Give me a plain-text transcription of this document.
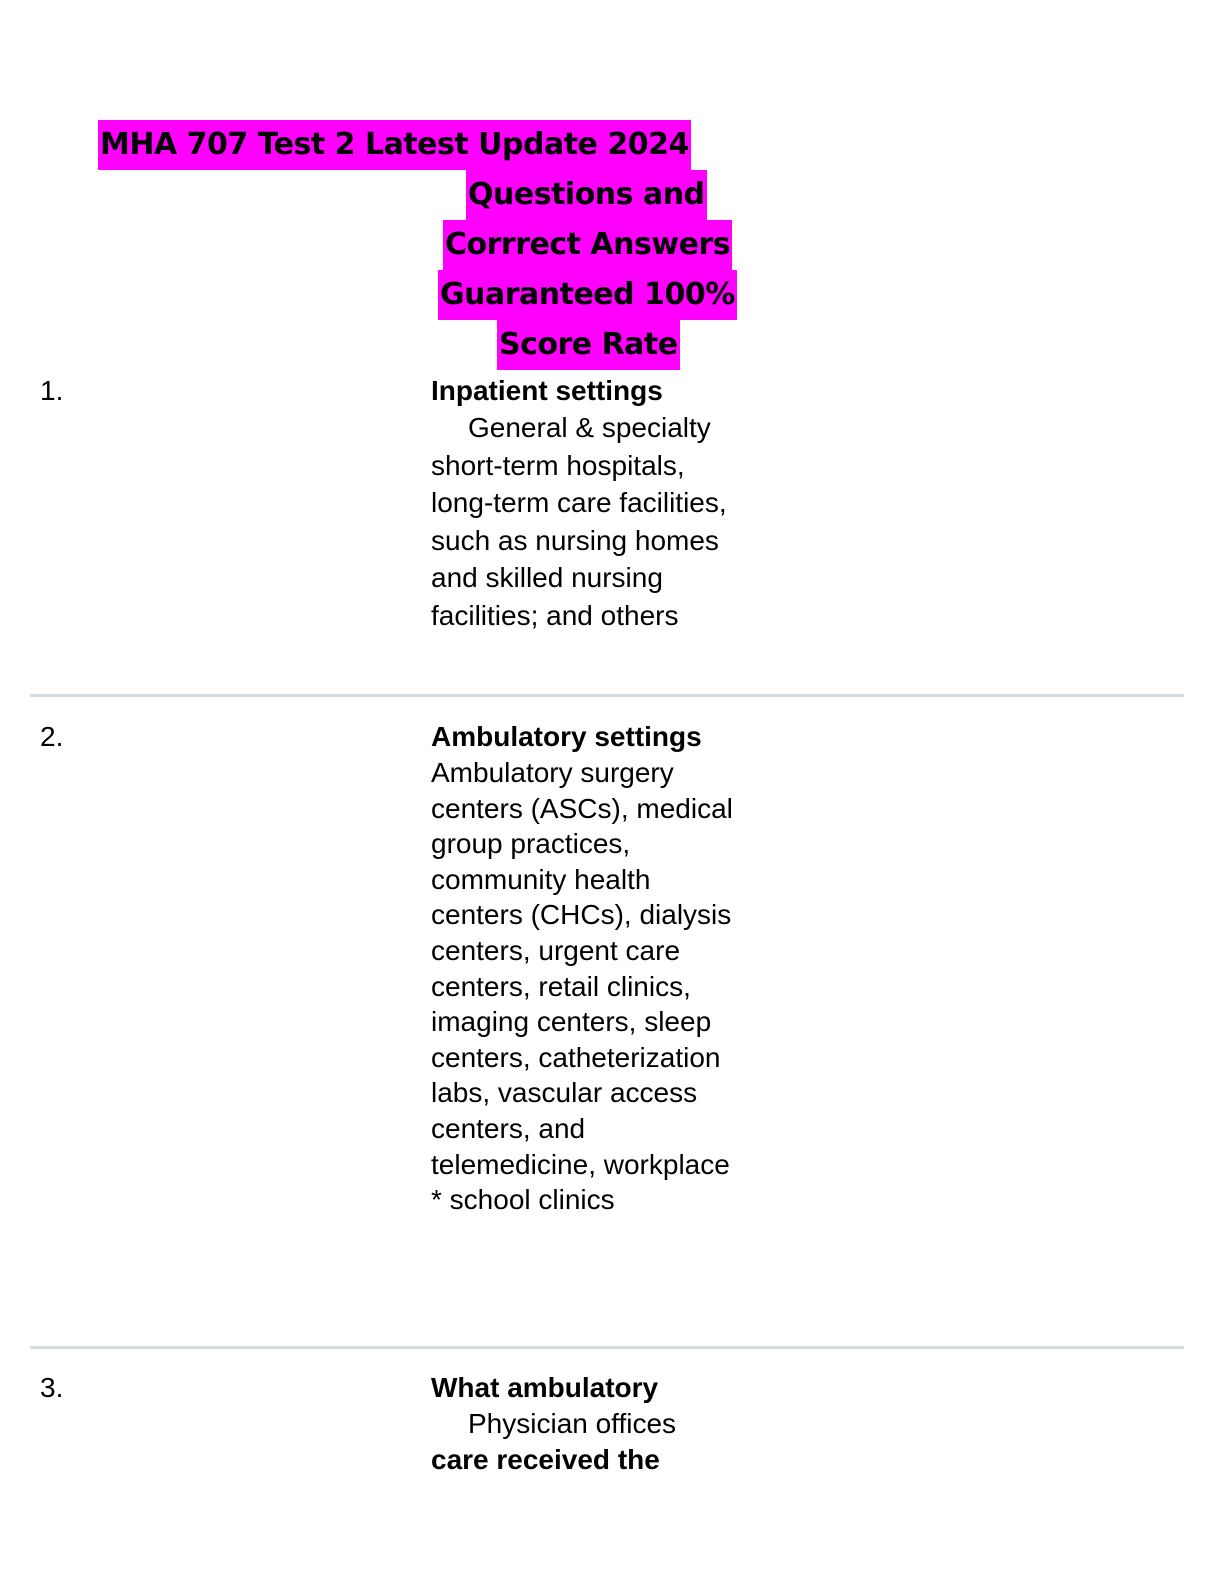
MHA 707 Test 2 Latest Update 2024
Questions and
Corrrect Answers
Guaranteed 100%
Score Rate
1.	Inpatient settings
General & specialty short-term hospitals, long-term care facilities, such as nursing homes and skilled nursing facilities; and others
2.	Ambulatory settings
Ambulatory surgery centers (ASCs), medical group practices, community health centers (CHCs), dialysis centers, urgent care centers, retail clinics, imaging centers, sleep centers, catheterization labs, vascular access centers, and telemedicine, workplace * school clinics
3.	What ambulatory
Physician offices
care received the
